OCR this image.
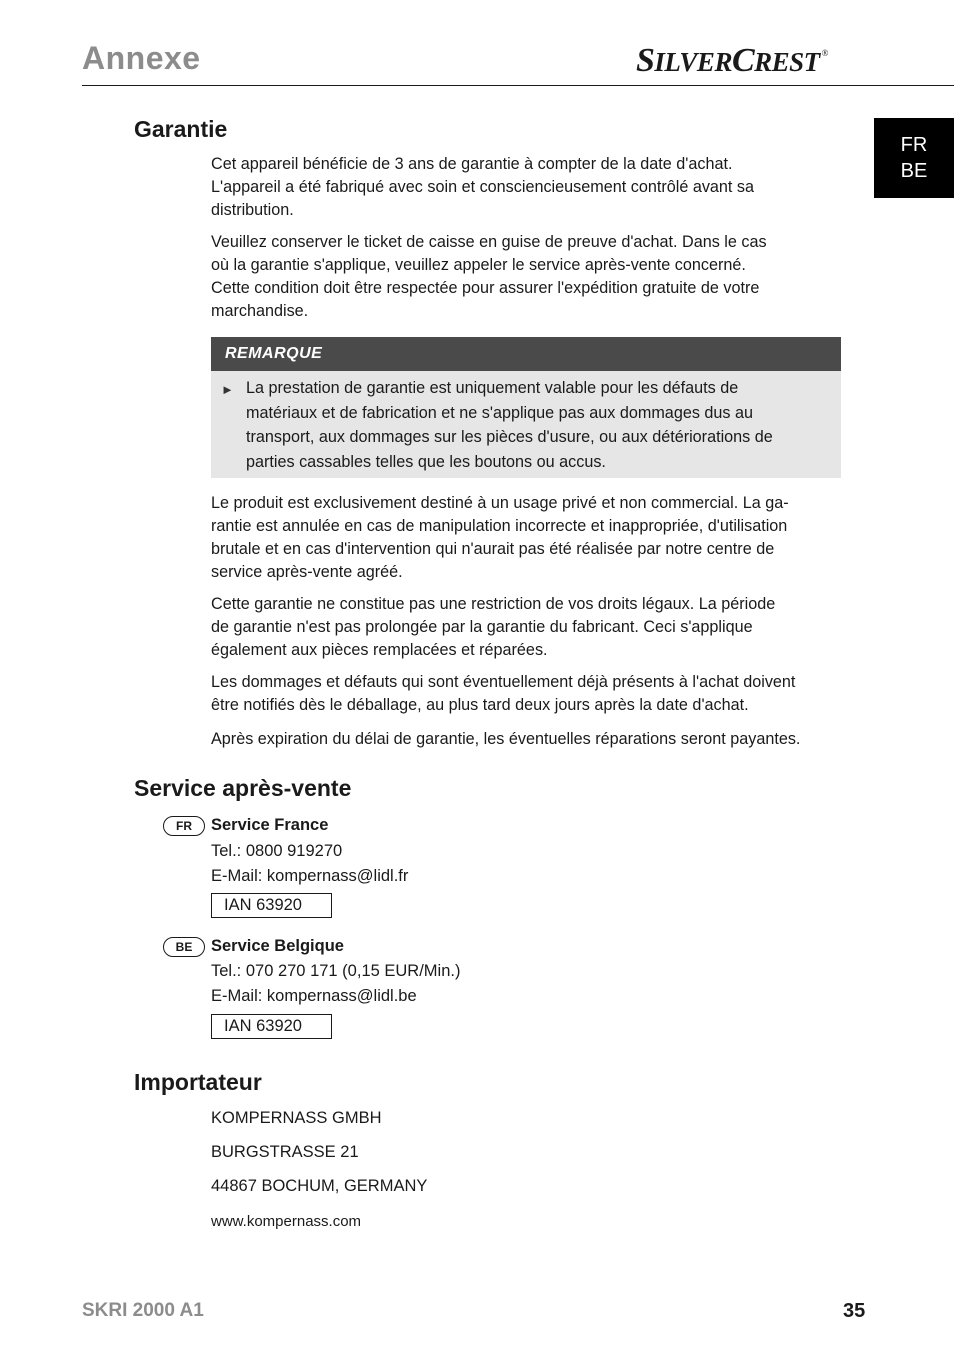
Annexe	SILVERCREST ®
FR
BE
Garantie
Cet appareil bénéficie de 3 ans de garantie à compter de la date d'achat.
L'appareil a été fabriqué avec soin et consciencieusement contrôlé avant sa
distribution.
Veuillez conserver le ticket de caisse en guise de preuve d'achat. Dans le cas
où la garantie s'applique, veuillez appeler le service après-vente concerné.
Cette condition doit être respectée pour assurer l'expédition gratuite de votre
marchandise.
REMARQUE
► La prestation de garantie est uniquement valable pour les défauts de
matériaux et de fabrication et ne s'applique pas aux dommages dus au
transport, aux dommages sur les pièces d'usure, ou aux détériorations de
parties cassables telles que les boutons ou accus.
Le produit est exclusivement destiné à un usage privé et non commercial. La ga-
rantie est annulée en cas de manipulation incorrecte et inappropriée, d'utilisation
brutale et en cas d'intervention qui n'aurait pas été réalisée par notre centre de
service après-vente agréé.
Cette garantie ne constitue pas une restriction de vos droits légaux. La période
de garantie n'est pas prolongée par la garantie du fabricant. Ceci s'applique
également aux pièces remplacées et réparées.
Les dommages et défauts qui sont éventuellement déjà présents à l'achat doivent
être notifiés dès le déballage, au plus tard deux jours après la date d'achat.
Après expiration du délai de garantie, les éventuelles réparations seront payantes.
Service après-vente
FR	Service France
Tel.: 0800 919270
E-Mail: kompernass@lidl.fr
IAN 63920
BE	Service Belgique
Tel.: 070 270 171 (0,15 EUR/Min.)
E-Mail: kompernass@lidl.be
IAN 63920
Importateur
KOMPERNASS GMBH
BURGSTRASSE 21
44867 BOCHUM, GERMANY
www.kompernass.com
SKRI 2000 A1	35
